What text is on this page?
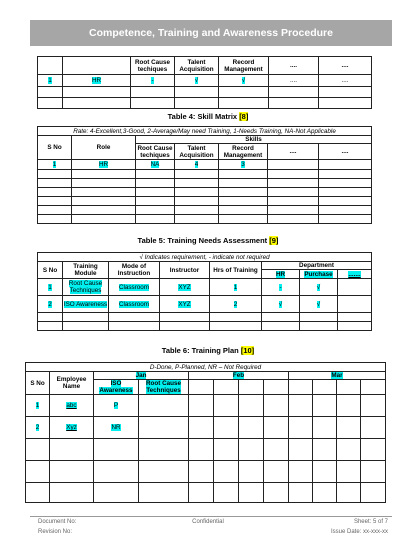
Competence, Training and Awareness Procedure
		Root Cause techiques	Talent Acquisition	Record Management	....	....
1	HR	-	√	√	....	....

Table 4: Skill Matrix [8]
Rate: 4-Excellent,3-Good, 2-Average/May need Training, 1-Needs Training, NA-Not Applicable						
S No	Role	Skills				
		Root Cause techiques	Talent Acquisition	Record Management	....	....
1	HR	NA	4	3		

Table 5: Training Needs Assessment [9]
√ Indicates requirement, - indicate not required							
S No	Training Module	Mode of Instruction	Instructor	Hrs of Training	Department		
					HR	Purchase	.......
1	Root Cause Techniques	Classroom	XYZ	1	-	√	
2	ISO Awareness	Classroom	XYZ	2	√	√	

Table 6: Training Plan [10]
D-Done, P-Planned, NR – Not Required											
S No	Employee Name	Jan		Feb				Mar			
		ISO Awareness	Root Cause Techniques								
1	abc	P									
2	Xyz	NR									

Document No:
Revision No:
Confidential	Sheet: 5 of 7
Issue Date: xx-xxx-xx
